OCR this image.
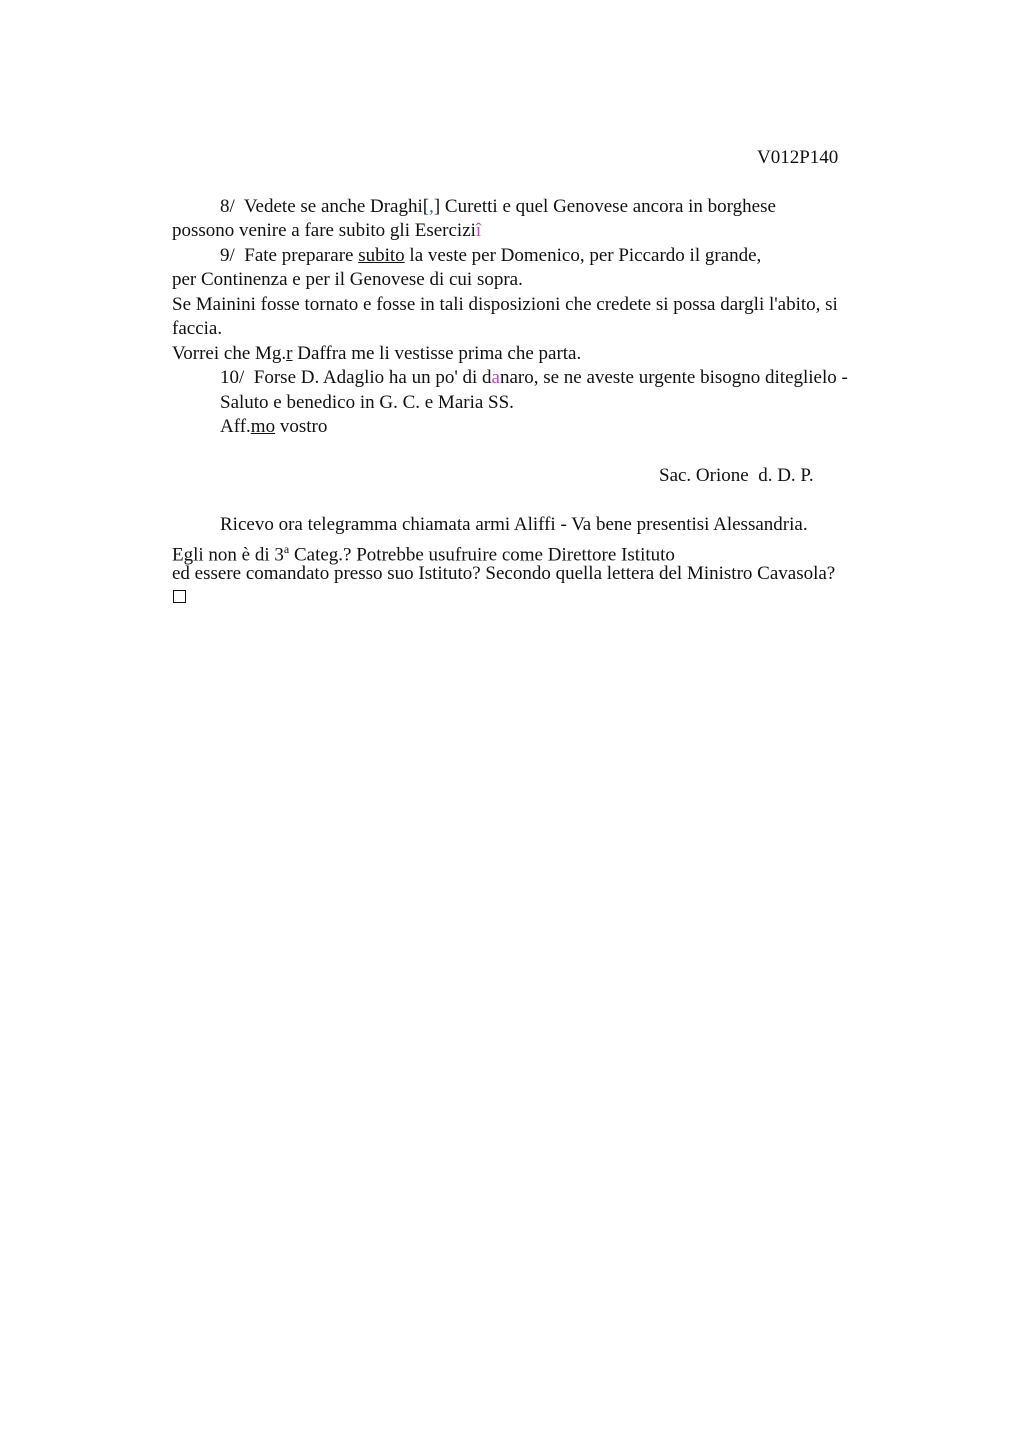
V012P140
8/  Vedete se anche Draghi[,] Curetti e quel Genovese ancora in borghese
possono venire a fare subito gli Eserciziî
9/  Fate preparare subito la veste per Domenico, per Piccardo il grande,
per Continenza e per il Genovese di cui sopra.
Se Mainini fosse tornato e fosse in tali disposizioni che credete si possa dargli l'abito, si
faccia.
Vorrei che Mg.r Daffra me li vestisse prima che parta.
10/  Forse D. Adaglio ha un po' di danaro, se ne aveste urgente bisogno diteglielo -
Saluto e benedico in G. C. e Maria SS.
Aff.mo vostro
Sac. Orione  d. D. P.
Ricevo ora telegramma chiamata armi Aliffi - Va bene presentisi Alessandria.
Egli non è di 3$^a$ Categ.? Potrebbe usufruire come Direttore Istituto
ed essere comandato presso suo Istituto? Secondo quella lettera del Ministro Cavasola?
